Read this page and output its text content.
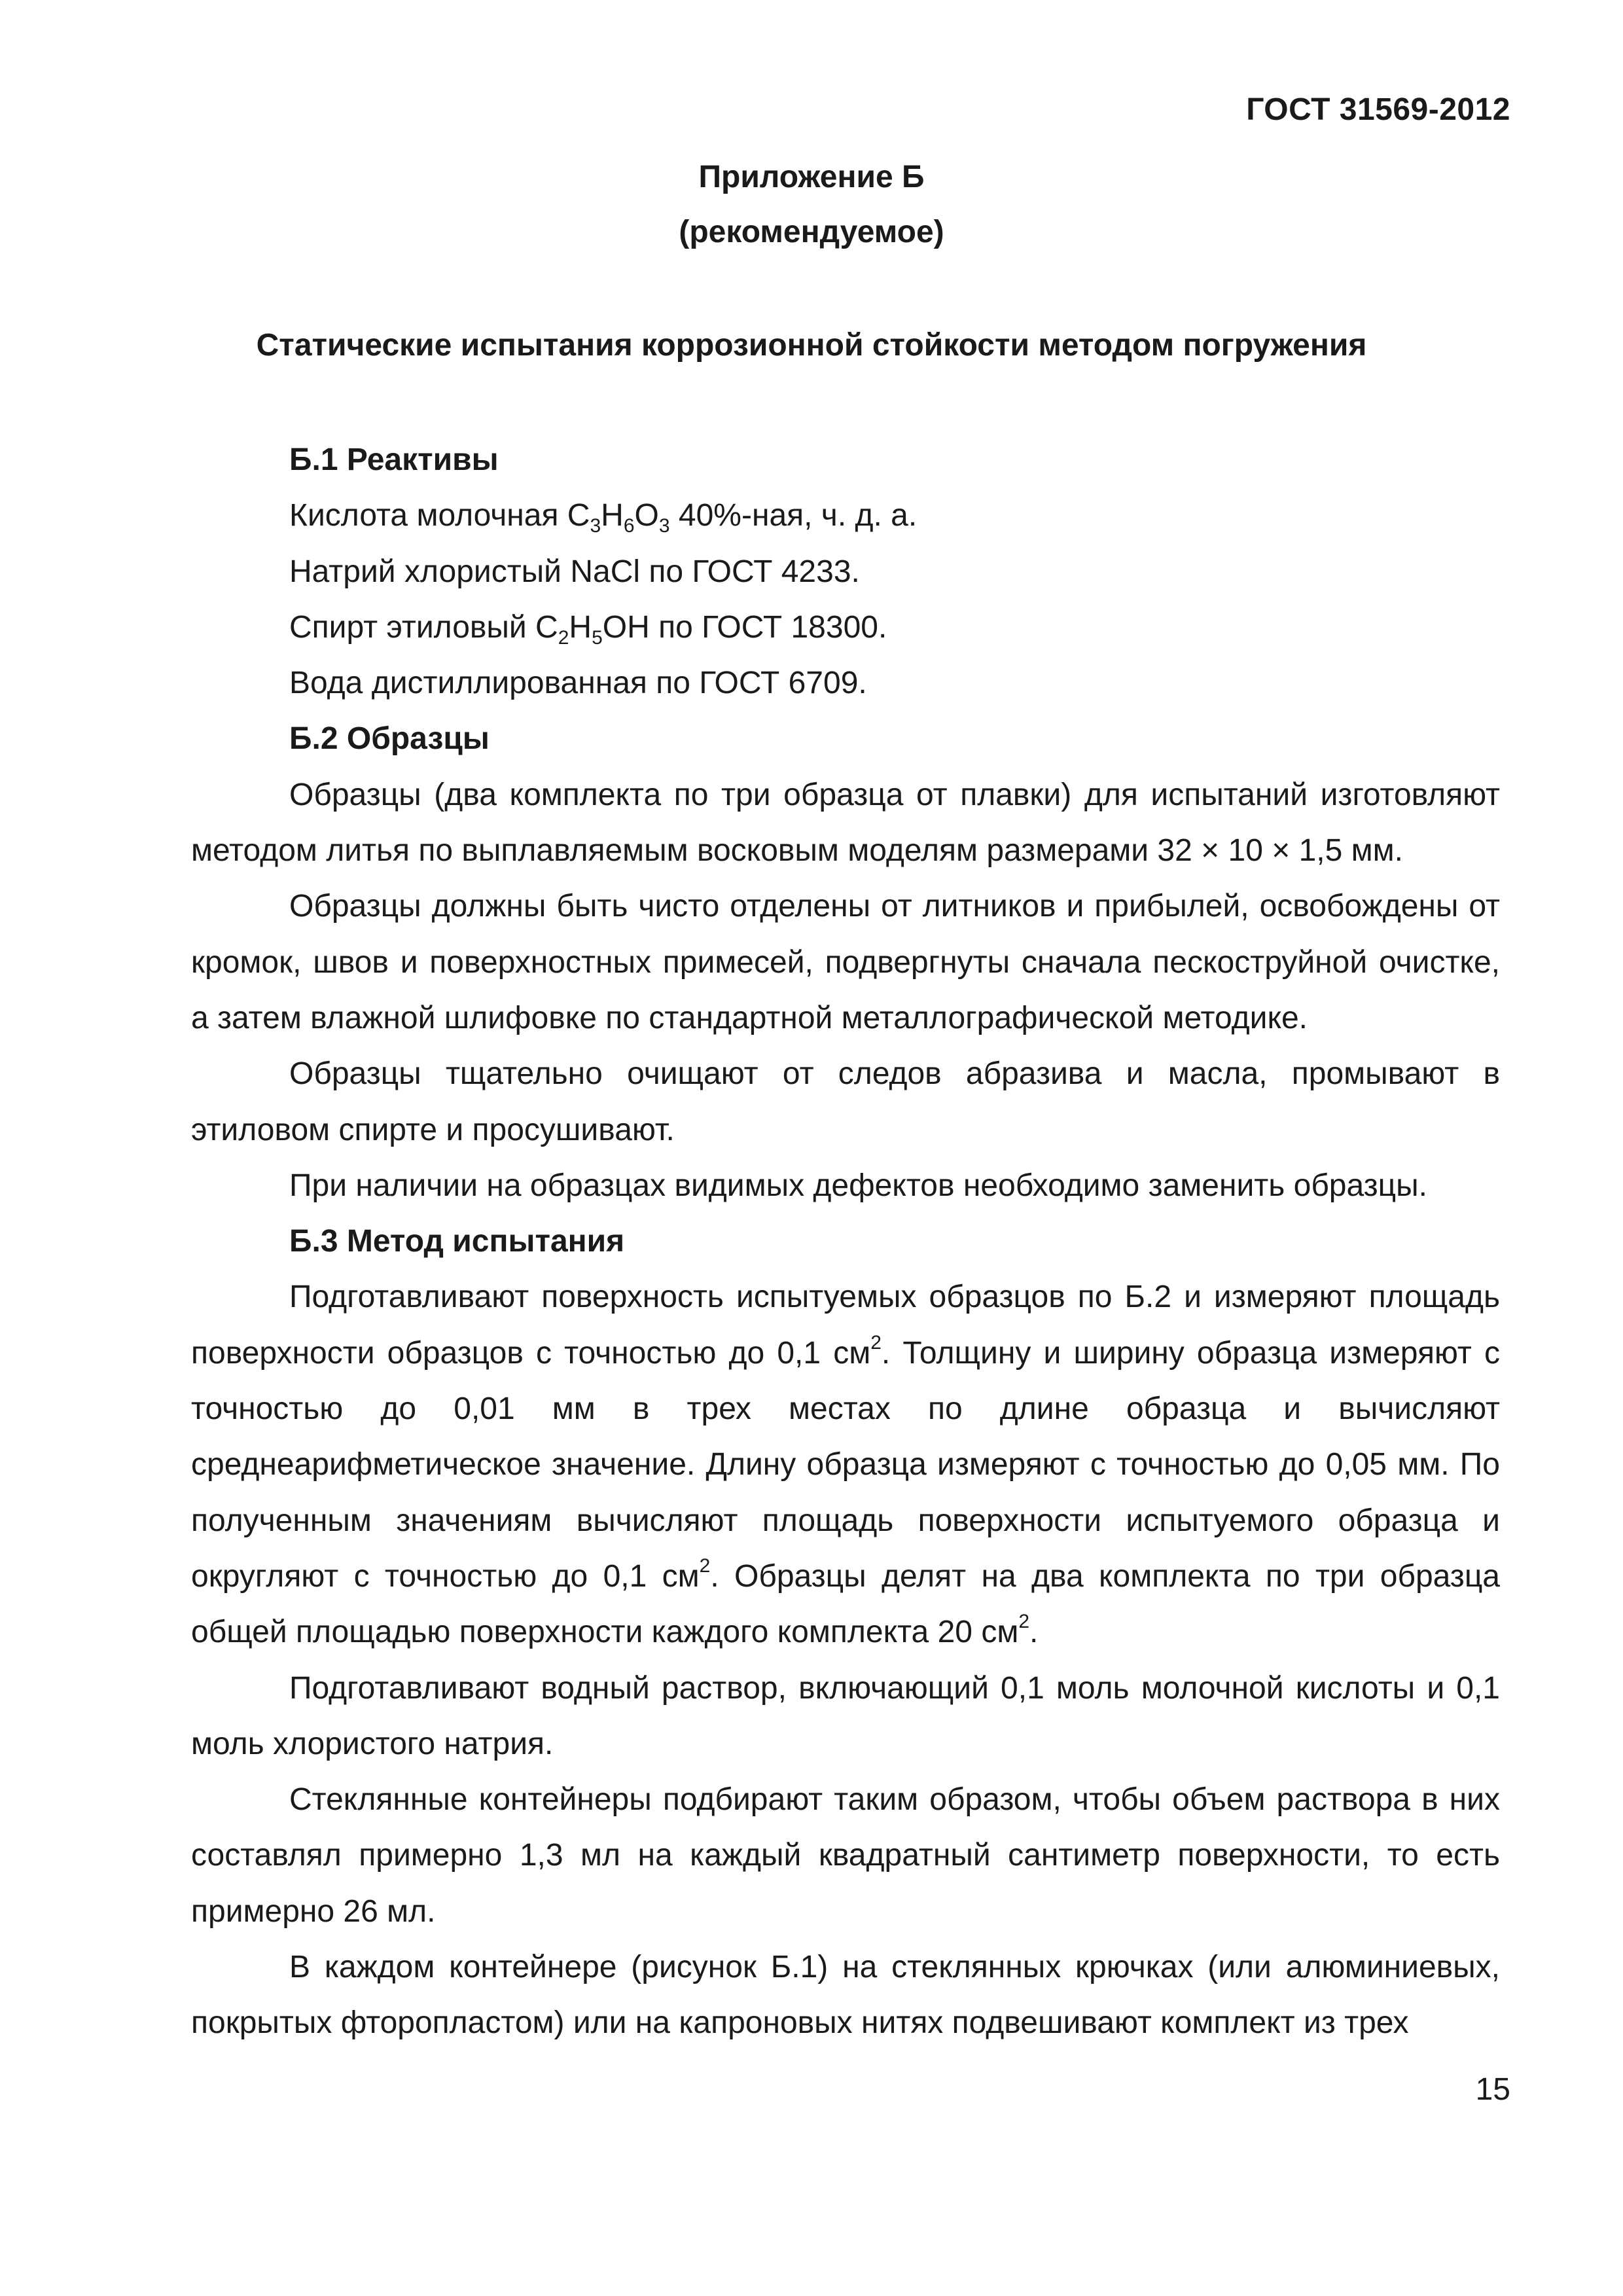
ГОСТ 31569-2012
Приложение Б
(рекомендуемое)
Статические испытания коррозионной стойкости методом погружения

Б.1 Реактивы

Кислота молочная $C_3H_6O_3$ 40%-ная, ч. д. а.

Натрий хлористый NaCl по ГОСТ 4233.

Спирт этиловый $C_2H_5OH$ по ГОСТ 18300.

Вода дистиллированная по ГОСТ 6709.

Б.2 Образцы

Образцы (два комплекта по три образца от плавки) для испытаний изготовляют методом литья по выплавляемым восковым моделям размерами 32 × 10 × 1,5 мм.

Образцы должны быть чисто отделены от литников и прибылей, освобождены от кромок, швов и поверхностных примесей, подвергнуты сначала пескоструйной очистке, а затем влажной шлифовке по стандартной металлографической методике.

Образцы тщательно очищают от следов абразива и масла, промывают в этиловом спирте и просушивают.

При наличии на образцах видимых дефектов необходимо заменить образцы.

Б.3 Метод испытания

Подготавливают поверхность испытуемых образцов по Б.2 и измеряют площадь поверхности образцов с точностью до 0,1 $см^2$. Толщину и ширину образца измеряют с точностью до 0,01 мм в трех местах по длине образца и вычисляют среднеарифметическое значение. Длину образца измеряют с точностью до 0,05 мм. По полученным значениям вычисляют площадь поверхности испытуемого образца и округляют с точностью до 0,1 $см^2$. Образцы делят на два комплекта по три образца общей площадью поверхности каждого комплекта 20 $см^2$.

Подготавливают водный раствор, включающий 0,1 моль молочной кислоты и 0,1 моль хлористого натрия.

Стеклянные контейнеры подбирают таким образом, чтобы объем раствора в них составлял примерно 1,3 мл на каждый квадратный сантиметр поверхности, то есть примерно 26 мл.

В каждом контейнере (рисунок Б.1) на стеклянных крючках (или алюминиевых, покрытых фторопластом) или на капроновых нитях подвешивают комплект из трех

15
